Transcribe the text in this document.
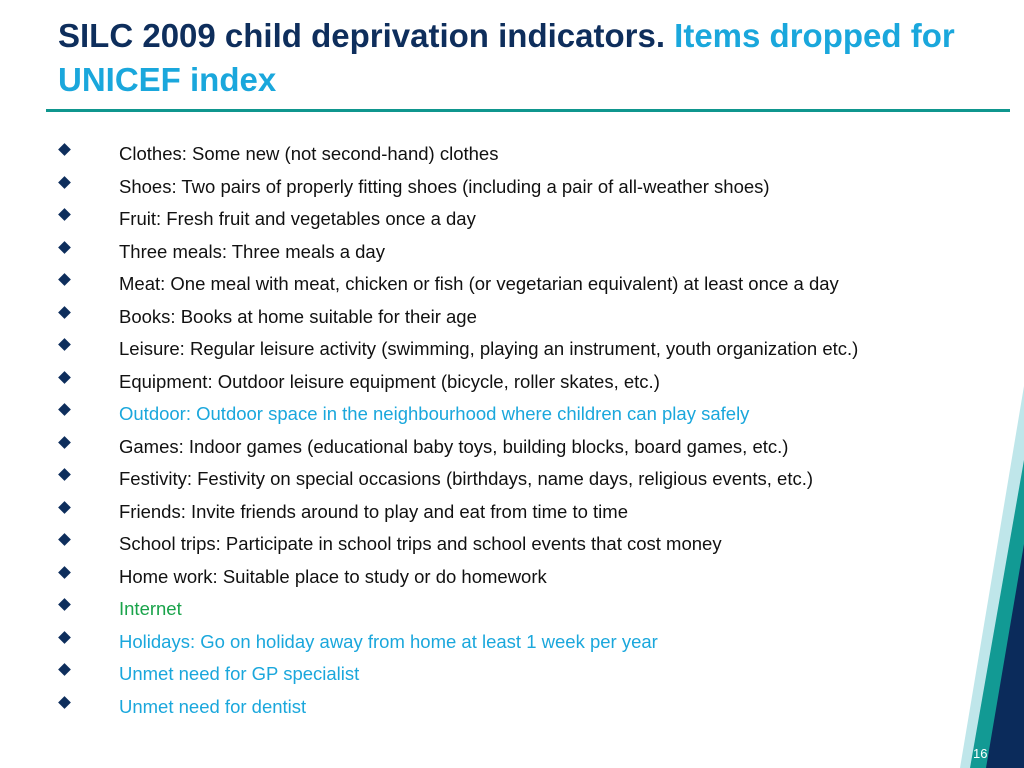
SILC 2009 child deprivation indicators. Items dropped for UNICEF index
Clothes: Some new (not second-hand) clothes
Shoes: Two pairs of properly fitting shoes (including a pair of all-weather shoes)
Fruit: Fresh fruit and vegetables once a day
Three meals: Three meals a day
Meat: One meal with meat, chicken or fish (or vegetarian equivalent) at least once a day
Books: Books at home suitable for their age
Leisure: Regular leisure activity (swimming, playing an instrument, youth organization etc.)
Equipment: Outdoor leisure equipment (bicycle, roller skates, etc.)
Outdoor: Outdoor space in the neighbourhood where children can play safely
Games: Indoor games (educational baby toys, building blocks, board games, etc.)
Festivity: Festivity on special occasions (birthdays, name days, religious events, etc.)
Friends: Invite friends around to play and eat from time to time
School trips: Participate in school trips and school events that cost money
Home work: Suitable place to study or do homework
Internet
Holidays: Go on holiday away from home at least 1 week per year
Unmet need for GP specialist
Unmet need for dentist
16
